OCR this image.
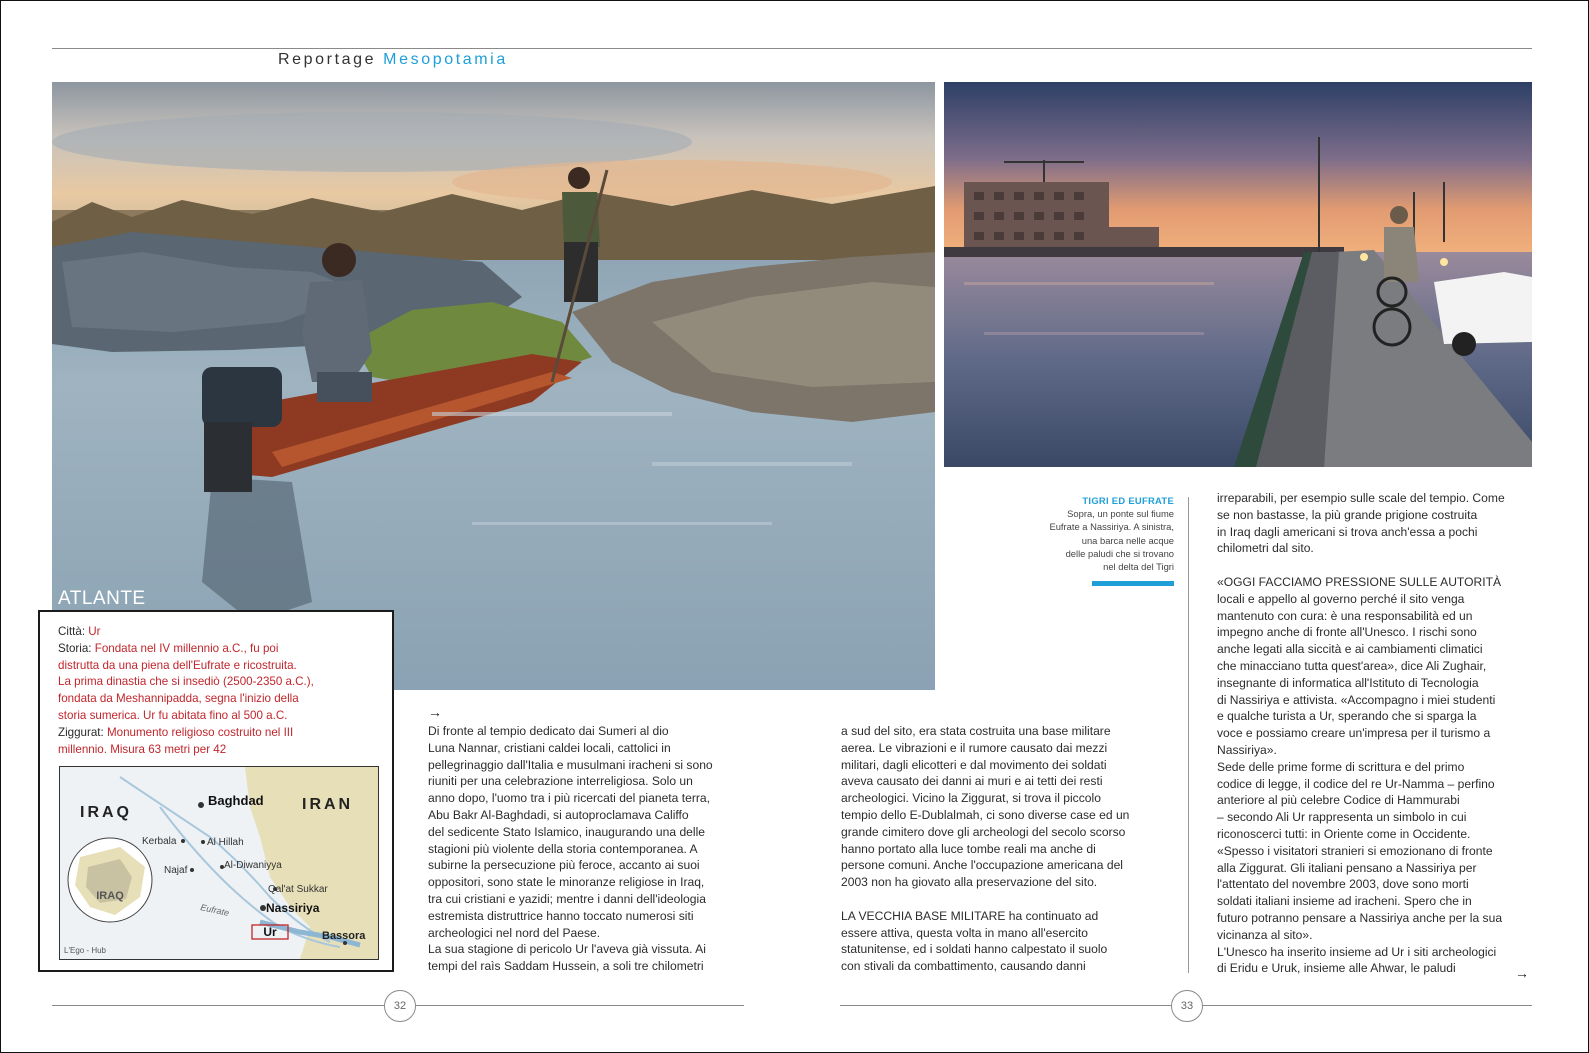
Reportage Mesopotamia
TIGRI ED EUFRATE
Sopra, un ponte sul fiume
Eufrate a Nassiriya. A sinistra,
una barca nelle acque
delle paludi che si trovano
nel delta del Tigri
ATLANTE
Città: Ur
Storia: Fondata nel IV millennio a.C., fu poi
distrutta da una piena dell'Eufrate e ricostruita.
La prima dinastia che si insediò (2500-2350 a.C.),
fondata da Meshannipadda, segna l'inizio della
storia sumerica. Ur fu abitata fino al 500 a.C.
Ziggurat: Monumento religioso costruito nel III
millennio. Misura 63 metri per 42
IRAQ
IRAQ	IRAN
Baghdad
Kerbala	Al Hillah
Najaf	Al-Diwaniyya
Qal'at Sukkar
Eufrate	Nassiriya
Ur	Bassora
L'Ego - Hub
→

Di fronte al tempio dedicato dai Sumeri al dio

Luna Nannar, cristiani caldei locali, cattolici in

pellegrinaggio dall'Italia e musulmani iracheni si sono

riuniti per una celebrazione interreligiosa. Solo un

anno dopo, l'uomo tra i più ricercati del pianeta terra,

Abu Bakr Al-Baghdadi, si autoproclamava Califfo

del sedicente Stato Islamico, inaugurando una delle

stagioni più violente della storia contemporanea. A

subirne la persecuzione più feroce, accanto ai suoi

oppositori, sono state le minoranze religiose in Iraq,

tra cui cristiani e yazidi; mentre i danni dell'ideologia

estremista distruttrice hanno toccato numerosi siti

archeologici nel nord del Paese.

La sua stagione di pericolo Ur l'aveva già vissuta. Ai

tempi del raìs Saddam Hussein, a soli tre chilometri

a sud del sito, era stata costruita una base militare

aerea. Le vibrazioni e il rumore causato dai mezzi

militari, dagli elicotteri e dal movimento dei soldati

aveva causato dei danni ai muri e ai tetti dei resti

archeologici. Vicino la Ziggurat, si trova il piccolo

tempio dello E-Dublalmah, ci sono diverse case ed un

grande cimitero dove gli archeologi del secolo scorso

hanno portato alla luce tombe reali ma anche di

persone comuni. Anche l'occupazione americana del

2003 non ha giovato alla preservazione del sito.

LA VECCHIA BASE MILITARE ha continuato ad

essere attiva, questa volta in mano all'esercito

statunitense, ed i soldati hanno calpestato il suolo

con stivali da combattimento, causando danni

irreparabili, per esempio sulle scale del tempio. Come

se non bastasse, la più grande prigione costruita

in Iraq dagli americani si trova anch'essa a pochi

chilometri dal sito.

«OGGI FACCIAMO PRESSIONE SULLE AUTORITÀ

locali e appello al governo perché il sito venga

mantenuto con cura: è una responsabilità ed un

impegno anche di fronte all'Unesco. I rischi sono

anche legati alla siccità e ai cambiamenti climatici

che minacciano tutta quest'area», dice Ali Zughair,

insegnante di informatica all'Istituto di Tecnologia

di Nassiriya e attivista. «Accompagno i miei studenti

e qualche turista a Ur, sperando che si sparga la

voce e possiamo creare un'impresa per il turismo a

Nassiriya».

Sede delle prime forme di scrittura e del primo

codice di legge, il codice del re Ur-Namma – perfino

anteriore al più celebre Codice di Hammurabi

– secondo Ali Ur rappresenta un simbolo in cui

riconoscerci tutti: in Oriente come in Occidente.

«Spesso i visitatori stranieri si emozionano di fronte

alla Ziggurat. Gli italiani pensano a Nassiriya per

l'attentato del novembre 2003, dove sono morti

soldati italiani insieme ad iracheni. Spero che in

futuro potranno pensare a Nassiriya anche per la sua

vicinanza al sito».

L'Unesco ha inserito insieme ad Ur i siti archeologici

di Eridu e Uruk, insieme alle Ahwar, le paludi	→
32	33
